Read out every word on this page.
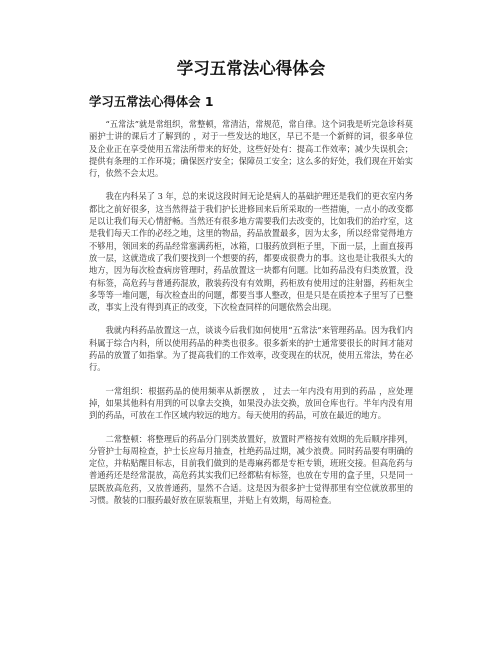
学习五常法心得体会
学习五常法心得体会 1

“五常法”就是常组织，常整顿，常清洁，常规范，常自律。这个词我是听完急诊科莫丽护士讲的课后才了解到的 ，对于一些发达的地区，早已不是一个新鲜的词，很多单位及企业正在享受使用五常法所带来的好处，这些好处有：提高工作效率；减少失误机会；提供有条理的工作环境；确保医疗安全；保障员工安全；这么多的好处，我们现在开始实行，依然不会太迟。

我在内科呆了 3 年，总的来说这段时间无论是病人的基础护理还是我们的更衣室内务都比之前好很多，这当然得益于我们护长进修回来后所采取的一些措施，一点小的改变都足以让我们每天心情舒畅。当然还有很多地方需要我们去改变的，比如我们的治疗室，这是我们每天工作的必经之地，这里的物品，药品放置最多，因为太多，所以经常觉得地方不够用，领回来的药品经常塞满药柜，冰箱，口服药放到柜子里，下面一层，上面直接再放一层，这就造成了我们要找到一个想要的药，都要成很费力的事。这也是让我很头大的地方，因为每次检查病房管理时，药品放置这一块都有问题。比如药品没有归类放置，没有标签，高危药与普通药混放，散装药没有有效期，药柜放有使用过的注射器，药柜灰尘多等等一堆问题，每次检查出的问题，都要当事人整改，但是只是在质控本子里写了已整改，事实上没有得到真正的改变，下次检查同样的问题依然会出现。

我就内科药品放置这一点，谈谈今后我们如何使用“五常法”来管理药品。因为我们内科属于综合内科，所以使用药品的种类也很多。很多新来的护士通常要很长的时间才能对药品的放置了如指掌。为了提高我们的工作效率，改变现在的状况，使用五常法，势在必行。

一常组织：根据药品的使用频率从新摆放 ， 过去一年内没有用到的药品 ，应处理掉，如果其他科有用到的可以拿去交换，如果没办法交换，放回仓库也行。半年内没有用到的药品，可放在工作区域内较远的地方。每天使用的药品，可放在最近的地方。

二常整顿：将整理后的药品分门别类放置好，放置时严格按有效期的先后顺序排列，分管护士每周检查，护士长应每月抽查，杜绝药品过期，减少浪费。同时药品要有明确的定位，并粘贴醒目标志，目前我们做到的是毒麻药都是专柜专锁，班班交接。但高危药与普通药还是经常混放，高危药其实我们已经都粘有标签，也放在专用的盒子里，只是同一层既放高危药，又放普通药，显然不合适。这是因为很多护士觉得那里有空位就放那里的习惯。散装的口服药最好放在原装瓶里，并贴上有效期，每周检查。
